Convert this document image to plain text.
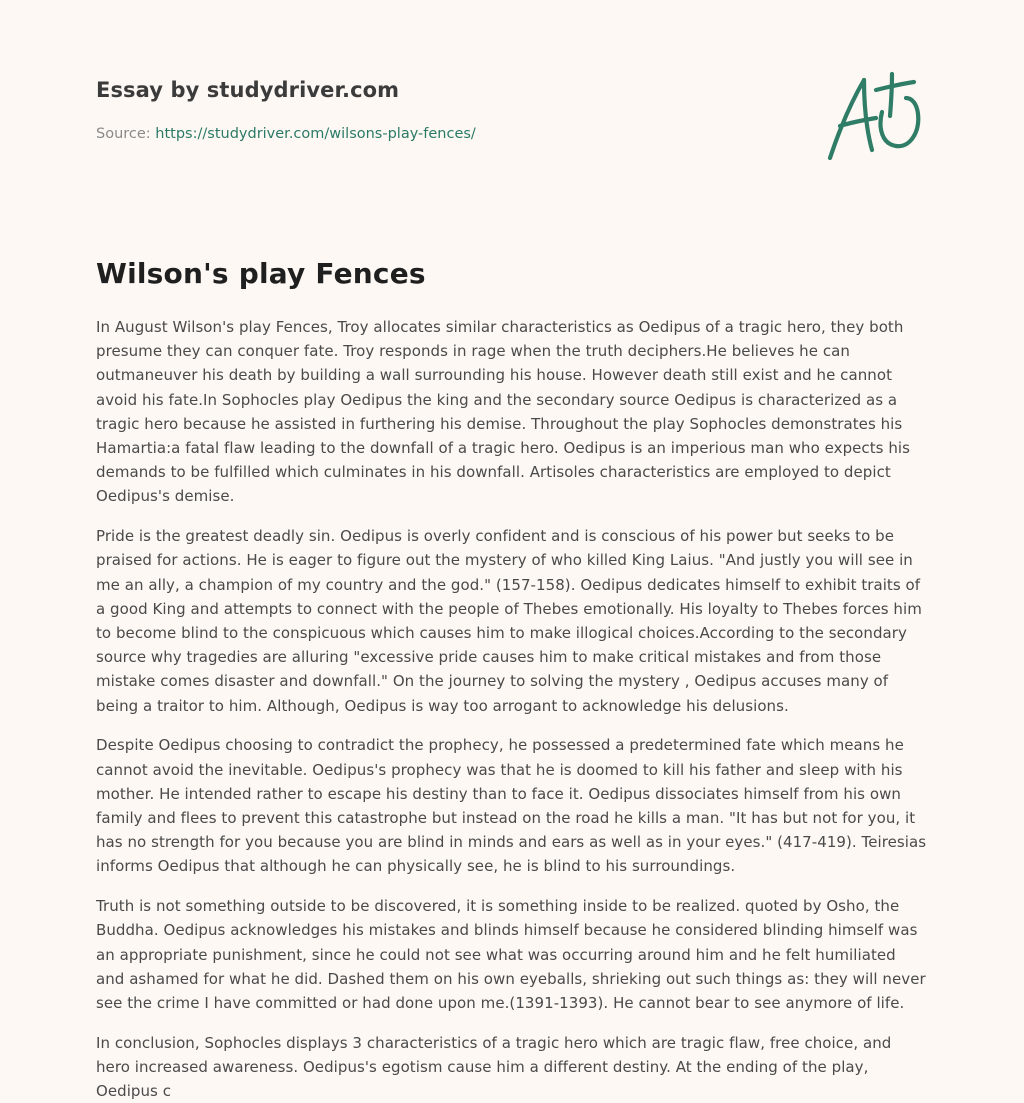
Essay by studydriver.com
Source: https://studydriver.com/wilsons-play-fences/
Wilson's play Fences

In August Wilson's play Fences, Troy allocates similar characteristics as Oedipus of a tragic hero, they both presume they can conquer fate. Troy responds in rage when the truth deciphers.He believes he can outmaneuver his death by building a wall surrounding his house. However death still exist and he cannot avoid his fate.In Sophocles play Oedipus the king and the secondary source Oedipus is characterized as a tragic hero because he assisted in furthering his demise. Throughout the play Sophocles demonstrates his Hamartia:a fatal flaw leading to the downfall of a tragic hero. Oedipus is an imperious man who expects his demands to be fulfilled which culminates in his downfall. Artisoles characteristics are employed to depict Oedipus's demise.

Pride is the greatest deadly sin. Oedipus is overly confident and is conscious of his power but seeks to be praised for actions. He is eager to figure out the mystery of who killed King Laius. "And justly you will see in me an ally, a champion of my country and the god." (157-158). Oedipus dedicates himself to exhibit traits of a good King and attempts to connect with the people of Thebes emotionally. His loyalty to Thebes forces him to become blind to the conspicuous which causes him to make illogical choices.According to the secondary source why tragedies are alluring "excessive pride causes him to make critical mistakes and from those mistake comes disaster and downfall." On the journey to solving the mystery , Oedipus accuses many of being a traitor to him. Although, Oedipus is way too arrogant to acknowledge his delusions.

Despite Oedipus choosing to contradict the prophecy, he possessed a predetermined fate which means he cannot avoid the inevitable. Oedipus's prophecy was that he is doomed to kill his father and sleep with his mother. He intended rather to escape his destiny than to face it. Oedipus dissociates himself from his own family and flees to prevent this catastrophe but instead on the road he kills a man. "It has but not for you, it has no strength for you because you are blind in minds and ears as well as in your eyes." (417-419). Teiresias informs Oedipus that although he can physically see, he is blind to his surroundings.

Truth is not something outside to be discovered, it is something inside to be realized. quoted by Osho, the Buddha. Oedipus acknowledges his mistakes and blinds himself because he considered blinding himself was an appropriate punishment, since he could not see what was occurring around him and he felt humiliated and ashamed for what he did. Dashed them on his own eyeballs, shrieking out such things as: they will never see the crime I have committed or had done upon me.(1391-1393). He cannot bear to see anymore of life.

In conclusion, Sophocles displays 3 characteristics of a tragic hero which are tragic flaw, free choice, and hero increased awareness. Oedipus's egotism cause him a different destiny. At the ending of the play, Oedipus c
